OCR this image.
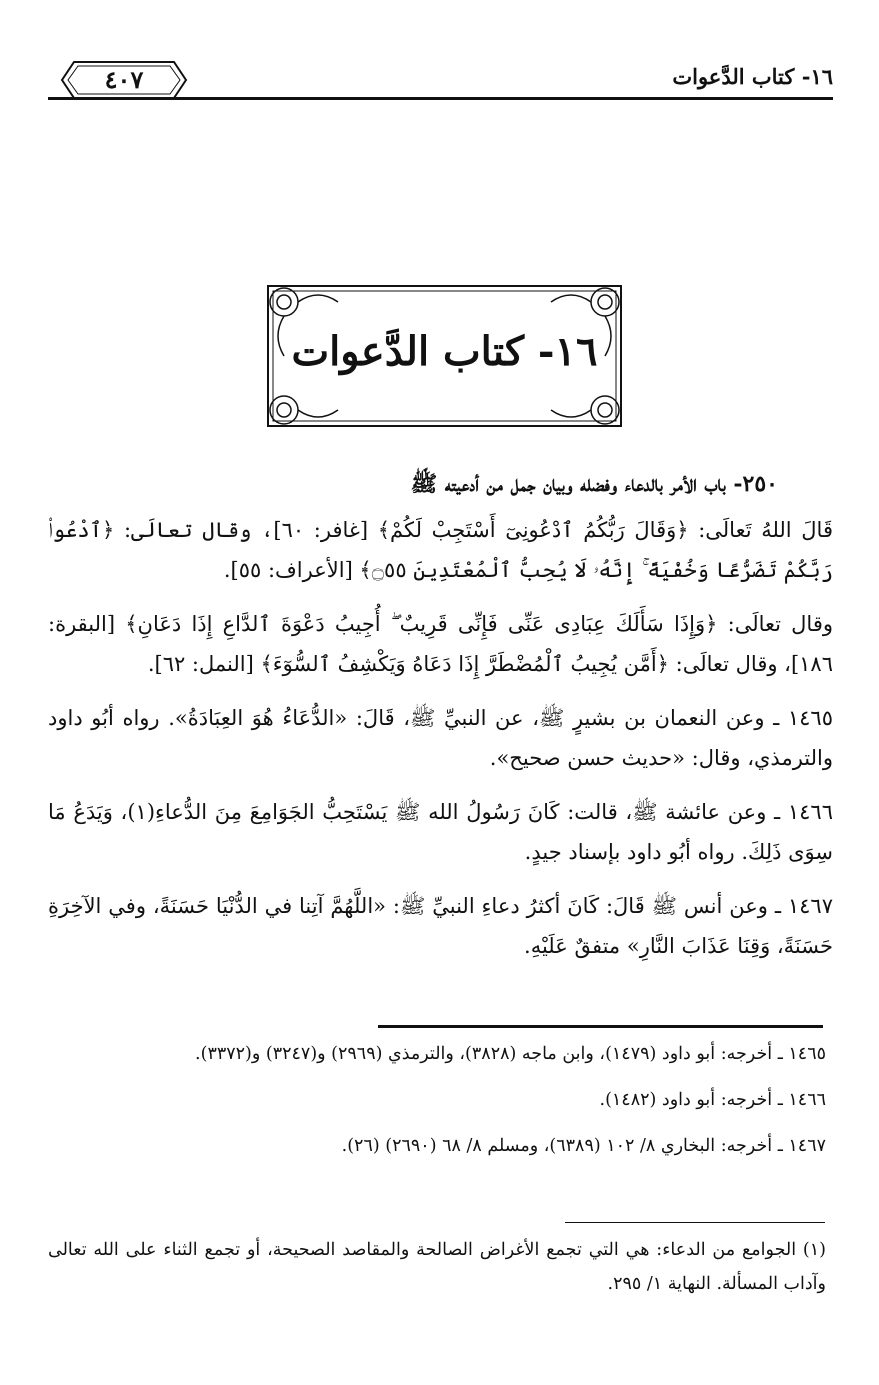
٤٠٧	١٦- كتاب الدَّعوات
١٦- كتاب الدَّعوات
٢٥٠- باب الأمر بالدعاء وفضله وبيان جمل من أدعيته ﷺ

قَالَ اللهُ تَعالَى: ﴿وَقَالَ رَبُّكُمُ ٱدْعُونِىٓ أَسْتَجِبْ لَكُمْ﴾ [غافر: ٦٠]، وقال تعالَى: ﴿ٱدْعُوا۟ رَبَّكُمْ تَضَرُّعًا وَخُفْيَةً ۚ إِنَّهُۥ لَا يُحِبُّ ٱلْمُعْتَدِينَ ۝٥٥﴾ [الأعراف: ٥٥].

وقال تعالَى: ﴿وَإِذَا سَأَلَكَ عِبَادِى عَنِّى فَإِنِّى قَرِيبٌ ۖ أُجِيبُ دَعْوَةَ ٱلدَّاعِ إِذَا دَعَانِ﴾ [البقرة: ١٨٦]، وقال تعالَى: ﴿أَمَّن يُجِيبُ ٱلْمُضْطَرَّ إِذَا دَعَاهُ وَيَكْشِفُ ٱلسُّوٓءَ﴾ [النمل: ٦٢].

١٤٦٥ ـ وعن النعمان بن بشيرٍ ﷺ، عن النبيِّ ﷺ، قَالَ: «الدُّعَاءُ هُوَ العِبَادَةُ». رواه أبُو داود والترمذي، وقال: «حديث حسن صحيح».

١٤٦٦ ـ وعن عائشة ﷺ، قالت: كَانَ رَسُولُ الله ﷺ يَسْتَحِبُّ الجَوَامِعَ مِنَ الدُّعاءِ(١)، وَيَدَعُ مَا سِوَى ذَلِكَ. رواه أبُو داود بإسناد جيدٍ.

١٤٦٧ ـ وعن أنس ﷺ قَالَ: كَانَ أكثرُ دعاءِ النبيِّ ﷺ: «اللَّهُمَّ آتِنا في الدُّنْيَا حَسَنَةً، وفي الآخِرَةِ حَسَنَةً، وَقِنَا عَذَابَ النَّارِ» متفقٌ عَلَيْهِ.

١٤٦٥ ـ أخرجه: أبو داود (١٤٧٩)، وابن ماجه (٣٨٢٨)، والترمذي (٢٩٦٩) و(٣٢٤٧) و(٣٣٧٢).

١٤٦٦ ـ أخرجه: أبو داود (١٤٨٢).

١٤٦٧ ـ أخرجه: البخاري ٨/ ١٠٢ (٦٣٨٩)، ومسلم ٨/ ٦٨ (٢٦٩٠) (٢٦).

(١) الجوامع من الدعاء: هي التي تجمع الأغراض الصالحة والمقاصد الصحيحة، أو تجمع الثناء على الله تعالى وآداب المسألة. النهاية ١/ ٢٩٥.
